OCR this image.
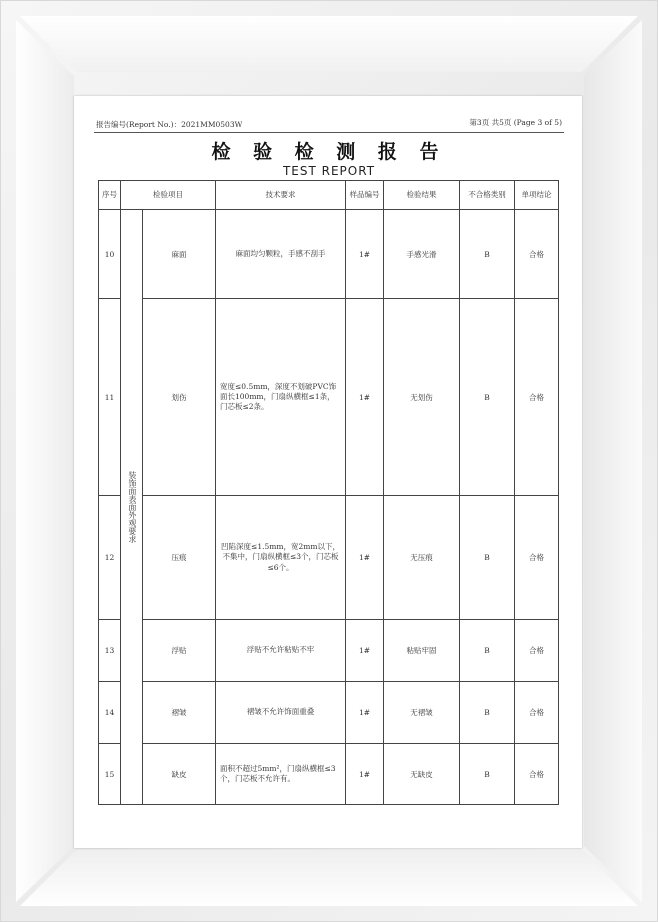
报告编号(Report No.)：2021MM0503W	第3页 共5页 (Page 3 of 5)
检 验 检 测 报 告
TEST REPORT
序号	检验项目		技术要求	样品编号	检验结果	不合格类别	单项结论
10	装饰面表面外观要求	麻面	麻面均匀颗粒，手感不刮手	1#	手感光滑	B	合格
11		划伤	宽度≤0.5mm，深度不划破PVC饰面长100mm，门扇纵横框≤1条，门芯板≤2条。	1#	无划伤	B	合格
12		压痕	凹陷深度≤1.5mm，宽2mm以下，不集中，门扇纵横框≤3个，门芯板≤6个。	1#	无压痕	B	合格
13		浮贴	浮贴不允许粘贴不牢	1#	粘贴牢固	B	合格
14		褶皱	褶皱不允许饰面重叠	1#	无褶皱	B	合格
15		缺皮	面积不超过5mm²，门扇纵横框≤3个，门芯板不允许有。	1#	无缺皮	B	合格
